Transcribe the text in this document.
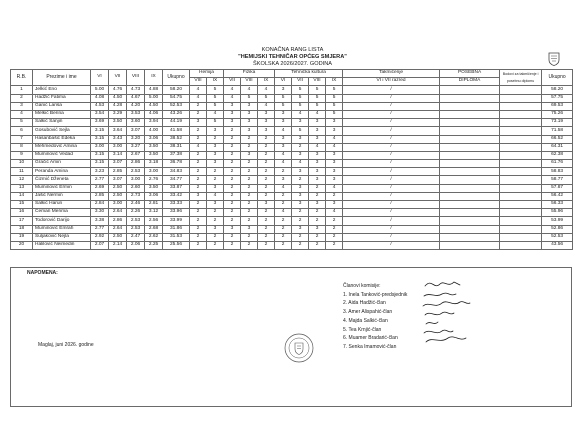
KONAČNA RANG LISTA
"HEMIJSKI TEHNIČAR OPĆEG SMJERA"
ŠKOLSKA 2026/2027. GODINA
R.B.	Prezime i ime	VI	VII	VIII	IX	Ukupno	Hemija		Fizika			Tehnička kultura				Takmičenje	POSEBNA	Bodovi za takmičenje i posebnu diplomu	Ukupno
							VIII	IX	VII	VIII	IX	VI	VII	VIII	IX	VI i VII razred	DIPLOMA		
1	Jelkić Eno	5.00	4.76	4.73	4.88	58.20	4	5	4	4	4	3	5	5	5	/			58.20
2	Hadžić Fatima	4.08	4.50	4.67	5.00	54.75	4	5	4	5	5	5	5	5	5	/			57.75
3	Ganić Larisa	4.53	4.28	4.20	4.50	52.53	2	5	3	3	4	5	5	5	5	/			69.53
4	Melkić Berina	3.54	3.29	3.53	4.06	43.26	2	4	3	3	3	3	4	4	5	/			75.26
5	Salkić Sanjin	3.69	3.50	3.60	3.94	44.19	3	5	3	3	3	3	3	3	3	/			73.19
6	Gosubović Sejla	3.15	3.64	3.07	4.00	41.58	2	3	2	3	3	4	5	3	3	/			71.58
7	Hasanbašić Edeka	3.15	3.43	3.20	3.06	38.52	2	2	2	2	2	3	3	3	4	/			66.52
8	Mehmedović Amina	3.00	3.00	3.27	3.50	38.31	4	3	2	2	2	3	2	4	4	/			64.31
9	Muminović Vedad	3.15	3.14	2.67	3.50	37.38	2	3	2	3	2	4	3	3	3	/			62.38
10	Gračić Amin	3.15	3.07	2.86	3.18	36.78	2	3	2	2	2	4	4	3	3	/			61.76
11	Peranda Amina	3.23	2.85	2.53	3.00	34.83	2	2	2	2	2	2	3	3	3	/			58.83
12	Čizmić Dženeta	2.77	3.07	3.00	2.76	34.77	2	2	2	2	2	3	2	3	3	/			58.77
13	Muminović Ermin	2.69	2.50	2.60	3.50	33.87	2	3	2	2	2	4	3	2	4	/			57.87
14	Jašić Nermin	2.85	2.50	2.73	3.06	33.42	3	4	2	2	2	2	3	2	2	/			56.42
15	Salkić Harun	2.84	3.00	2.46	2.81	33.33	2	3	2	2	3	2	3	3	3	/			56.33
16	Ceman Merima	3.30	2.64	2.26	3.12	33.96	2	2	2	2	2	4	2	2	4	/			55.96
17	Todorović Darijo	3.38	2.86	2.53	2.56	33.99	2	2	2	2	2	2	2	2	2	/			53.99
18	Muminović Emrah	2.77	2.64	2.53	2.68	31.86	2	3	3	3	2	2	3	3	2	/			52.86
19	Suljaković Nejla	2.92	2.50	2.47	2.62	31.53	2	2	2	2	2	2	2	2	2	/			52.53
20	Halilović Neimedin	2.07	2.14	2.06	2.25	25.56	2	2	2	2	2	2	2	2	2	/			43.56
NAPOMENA:
Maglaj, juni 2026. godine
Članovi komisije:
1. Inela Tanković-predsjednik
2. Aida Hadžić-član
3. Amer Alispahić-član
4. Majda Salkić-član
5. Tea Krnjić-član
6. Muamer Bradarić-član
7. Senka Imamović-član
